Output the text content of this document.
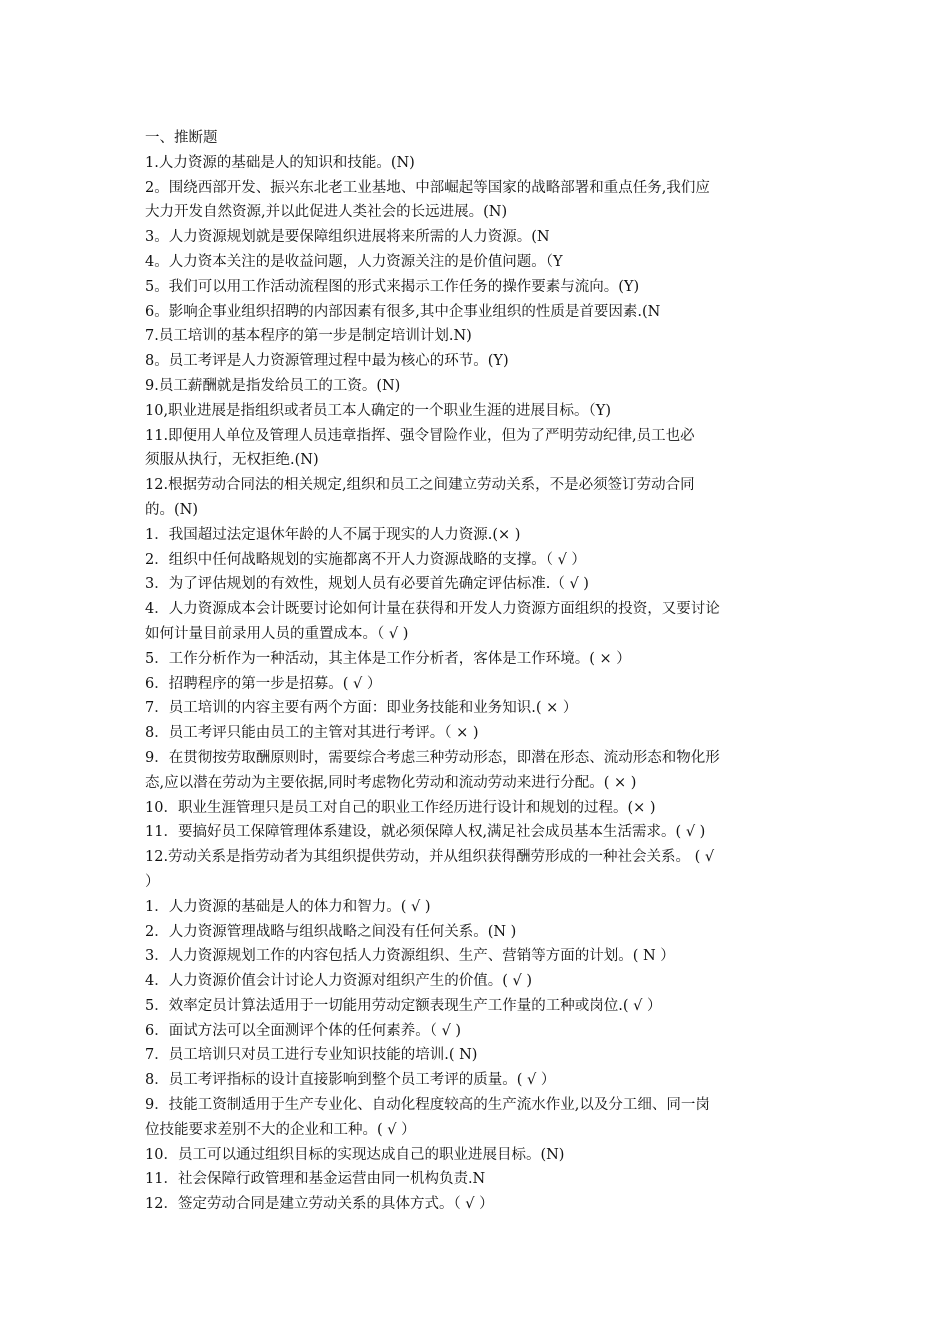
一、推断题
1.人力资源的基础是人的知识和技能。(N)
2。围绕西部开发、振兴东北老工业基地、中部崛起等国家的战略部署和重点任务,我们应
大力开发自然资源,并以此促进人类社会的长远进展。(N)
3。人力资源规划就是要保障组织进展将来所需的人力资源。(N
4。人力资本关注的是收益问题，人力资源关注的是价值问题。（Y
5。我们可以用工作活动流程图的形式来揭示工作任务的操作要素与流向。(Y)
6。影响企事业组织招聘的内部因素有很多,其中企事业组织的性质是首要因素.(N
7.员工培训的基本程序的第一步是制定培训计划.N)
8。员工考评是人力资源管理过程中最为核心的环节。(Y)
9.员工薪酬就是指发给员工的工资。(N)
10,职业进展是指组织或者员工本人确定的一个职业生涯的进展目标。（Y)
11.即便用人单位及管理人员违章指挥、强令冒险作业，但为了严明劳动纪律,员工也必
须服从执行，无权拒绝.(N)
12.根据劳动合同法的相关规定,组织和员工之间建立劳动关系，不是必须签订劳动合同
的。(N)
1．我国超过法定退休年龄的人不属于现实的人力资源.(× )
2．组织中任何战略规划的实施都离不开人力资源战略的支撑。（ √ ）
3．为了评估规划的有效性，规划人员有必要首先确定评估标准.（ √ )
4．人力资源成本会计既要讨论如何计量在获得和开发人力资源方面组织的投资，又要讨论
如何计量目前录用人员的重置成本。（ √ )
5．工作分析作为一种活动，其主体是工作分析者，客体是工作环境。( × ）
6．招聘程序的第一步是招募。( √ ）
7．员工培训的内容主要有两个方面：即业务技能和业务知识.( × ）
8．员工考评只能由员工的主管对其进行考评。（ × )
9．在贯彻按劳取酬原则时，需要综合考虑三种劳动形态，即潜在形态、流动形态和物化形
态,应以潜在劳动为主要依据,同时考虑物化劳动和流动劳动来进行分配。( × )
10．职业生涯管理只是员工对自己的职业工作经历进行设计和规划的过程。(× )
11．要搞好员工保障管理体系建设，就必须保障人权,满足社会成员基本生活需求。( √ )
12.劳动关系是指劳动者为其组织提供劳动，并从组织获得酬劳形成的一种社会关系。 ( √
）
1．人力资源的基础是人的体力和智力。( √ )
2．人力资源管理战略与组织战略之间没有任何关系。(N )
3．人力资源规划工作的内容包括人力资源组织、生产、营销等方面的计划。( N ）
4．人力资源价值会计讨论人力资源对组织产生的价值。( √ )
5．效率定员计算法适用于一切能用劳动定额表现生产工作量的工种或岗位.( √ ）
6．面试方法可以全面测评个体的任何素养。（ √ )
7．员工培训只对员工进行专业知识技能的培训.( N)
8．员工考评指标的设计直接影响到整个员工考评的质量。( √ ）
9．技能工资制适用于生产专业化、自动化程度较高的生产流水作业,以及分工细、同一岗
位技能要求差别不大的企业和工种。( √ ）
10．员工可以通过组织目标的实现达成自己的职业进展目标。(N)
11．社会保障行政管理和基金运营由同一机构负责.N
12．签定劳动合同是建立劳动关系的具体方式。（ √ ）
